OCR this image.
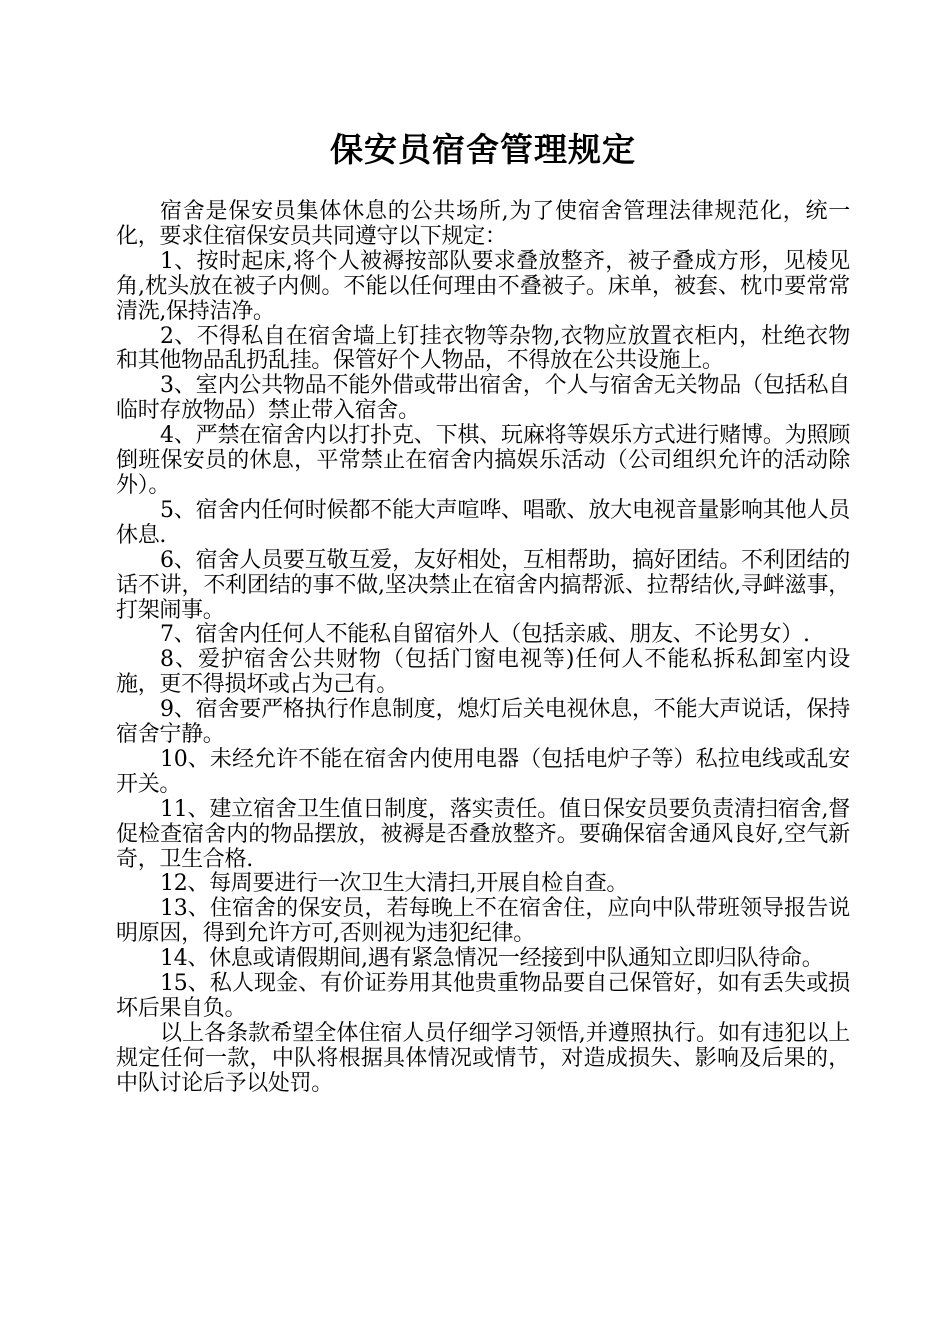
保安员宿舍管理规定

宿舍是保安员集体休息的公共场所,为了使宿舍管理法律规范化，统一化，要求住宿保安员共同遵守以下规定：

1、按时起床,将个人被褥按部队要求叠放整齐，被子叠成方形，见棱见角,枕头放在被子内侧。不能以任何理由不叠被子。床单，被套、枕巾要常常清洗,保持洁净。

2、不得私自在宿舍墙上钉挂衣物等杂物,衣物应放置衣柜内，杜绝衣物和其他物品乱扔乱挂。保管好个人物品，不得放在公共设施上。

3、室内公共物品不能外借或带出宿舍，个人与宿舍无关物品（包括私自临时存放物品）禁止带入宿舍。

4、严禁在宿舍内以打扑克、下棋、玩麻将等娱乐方式进行赌博。为照顾倒班保安员的休息，平常禁止在宿舍内搞娱乐活动（公司组织允许的活动除外）。

5、宿舍内任何时候都不能大声喧哗、唱歌、放大电视音量影响其他人员休息.

6、宿舍人员要互敬互爱，友好相处，互相帮助，搞好团结。不利团结的话不讲，不利团结的事不做,坚决禁止在宿舍内搞帮派、拉帮结伙,寻衅滋事，打架闹事。

7、宿舍内任何人不能私自留宿外人（包括亲戚、朋友、不论男女）.

8、爱护宿舍公共财物（包括门窗电视等)任何人不能私拆私卸室内设施，更不得损坏或占为己有。

9、宿舍要严格执行作息制度，熄灯后关电视休息，不能大声说话，保持宿舍宁静。

10、未经允许不能在宿舍内使用电器（包括电炉子等）私拉电线或乱安开关。

11、建立宿舍卫生值日制度，落实责任。值日保安员要负责清扫宿舍,督促检查宿舍内的物品摆放，被褥是否叠放整齐。要确保宿舍通风良好,空气新奇，卫生合格.

12、每周要进行一次卫生大清扫,开展自检自查。

13、住宿舍的保安员，若每晚上不在宿舍住，应向中队带班领导报告说明原因，得到允许方可,否则视为违犯纪律。

14、休息或请假期间,遇有紧急情况一经接到中队通知立即归队待命。

15、私人现金、有价证券用其他贵重物品要自己保管好，如有丢失或损坏后果自负。

以上各条款希望全体住宿人员仔细学习领悟,并遵照执行。如有违犯以上规定任何一款，中队将根据具体情况或情节，对造成损失、影响及后果的，中队讨论后予以处罚。
